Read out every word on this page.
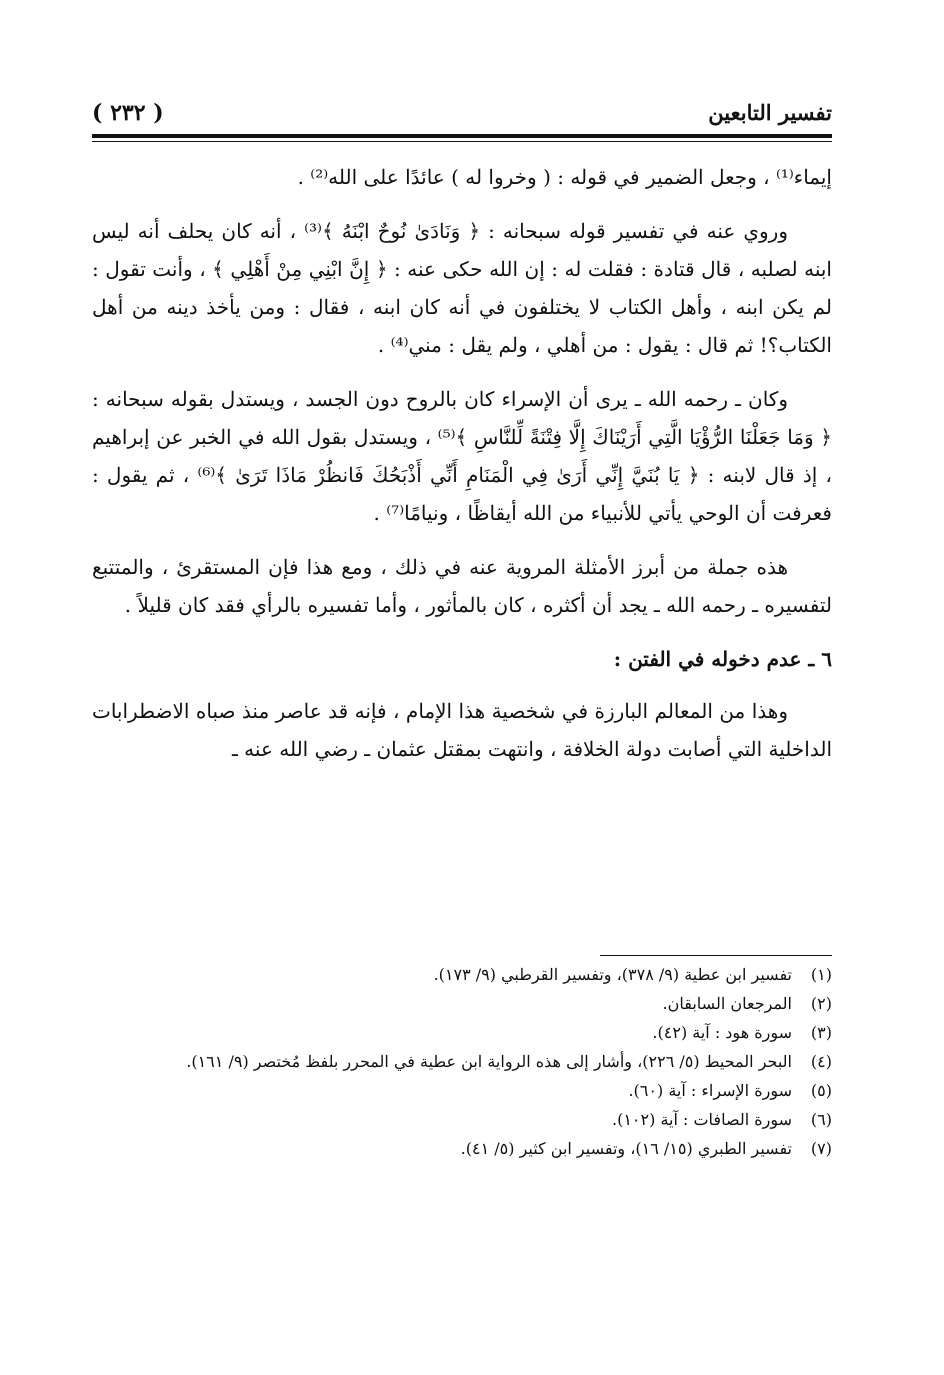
( ٢٣٢ )	تفسير التابعين

إيماء⁽¹⁾ ، وجعل الضمير في قوله : ( وخروا له ) عائدًا على الله⁽²⁾ .

وروي عنه في تفسير قوله سبحانه : ﴿ وَنَادَىٰ نُوحٌ ابْنَهُ ﴾⁽³⁾ ، أنه كان يحلف أنه ليس ابنه لصلبه ، قال قتادة : فقلت له : إن الله حكى عنه : ﴿ إِنَّ ابْنِي مِنْ أَهْلِي ﴾ ، وأنت تقول : لم يكن ابنه ، وأهل الكتاب لا يختلفون في أنه كان ابنه ، فقال : ومن يأخذ دينه من أهل الكتاب؟! ثم قال : يقول : من أهلي ، ولم يقل : مني⁽⁴⁾ .

وكان ـ رحمه الله ـ يرى أن الإسراء كان بالروح دون الجسد ، ويستدل بقوله سبحانه : ﴿ وَمَا جَعَلْنَا الرُّؤْيَا الَّتِي أَرَيْنَاكَ إِلَّا فِتْنَةً لِّلنَّاسِ ﴾⁽⁵⁾ ، ويستدل بقول الله في الخبر عن إبراهيم ، إذ قال لابنه : ﴿ يَا بُنَيَّ إِنِّي أَرَىٰ فِي الْمَنَامِ أَنِّي أَذْبَحُكَ فَانظُرْ مَاذَا تَرَىٰ ﴾⁽⁶⁾ ، ثم يقول : فعرفت أن الوحي يأتي للأنبياء من الله أيقاظًا ، ونيامًا⁽⁷⁾ .

هذه جملة من أبرز الأمثلة المروية عنه في ذلك ، ومع هذا فإن المستقرئ ، والمتتبع لتفسيره ـ رحمه الله ـ يجد أن أكثره ، كان بالمأثور ، وأما تفسيره بالرأي فقد كان قليلاً .

٦ ـ عدم دخوله في الفتن :

وهذا من المعالم البارزة في شخصية هذا الإمام ، فإنه قد عاصر منذ صباه الاضطرابات الداخلية التي أصابت دولة الخلافة ، وانتهت بمقتل عثمان ـ رضي الله عنه ـ

(١)
تفسير ابن عطية (٩/ ٣٧٨)، وتفسير القرطبي (٩/ ١٧٣).
(٢)
المرجعان السابقان.
(٣)
سورة هود : آية (٤٢).
(٤)
البحر المحيط (٥/ ٢٢٦)، وأشار إلى هذه الرواية ابن عطية في المحرر بلفظ مُختصر (٩/ ١٦١).
(٥)
سورة الإسراء : آية (٦٠).
(٦)
سورة الصافات : آية (١٠٢).
(٧)
تفسير الطبري (١٥/ ١٦)، وتفسير ابن كثير (٥/ ٤١).
